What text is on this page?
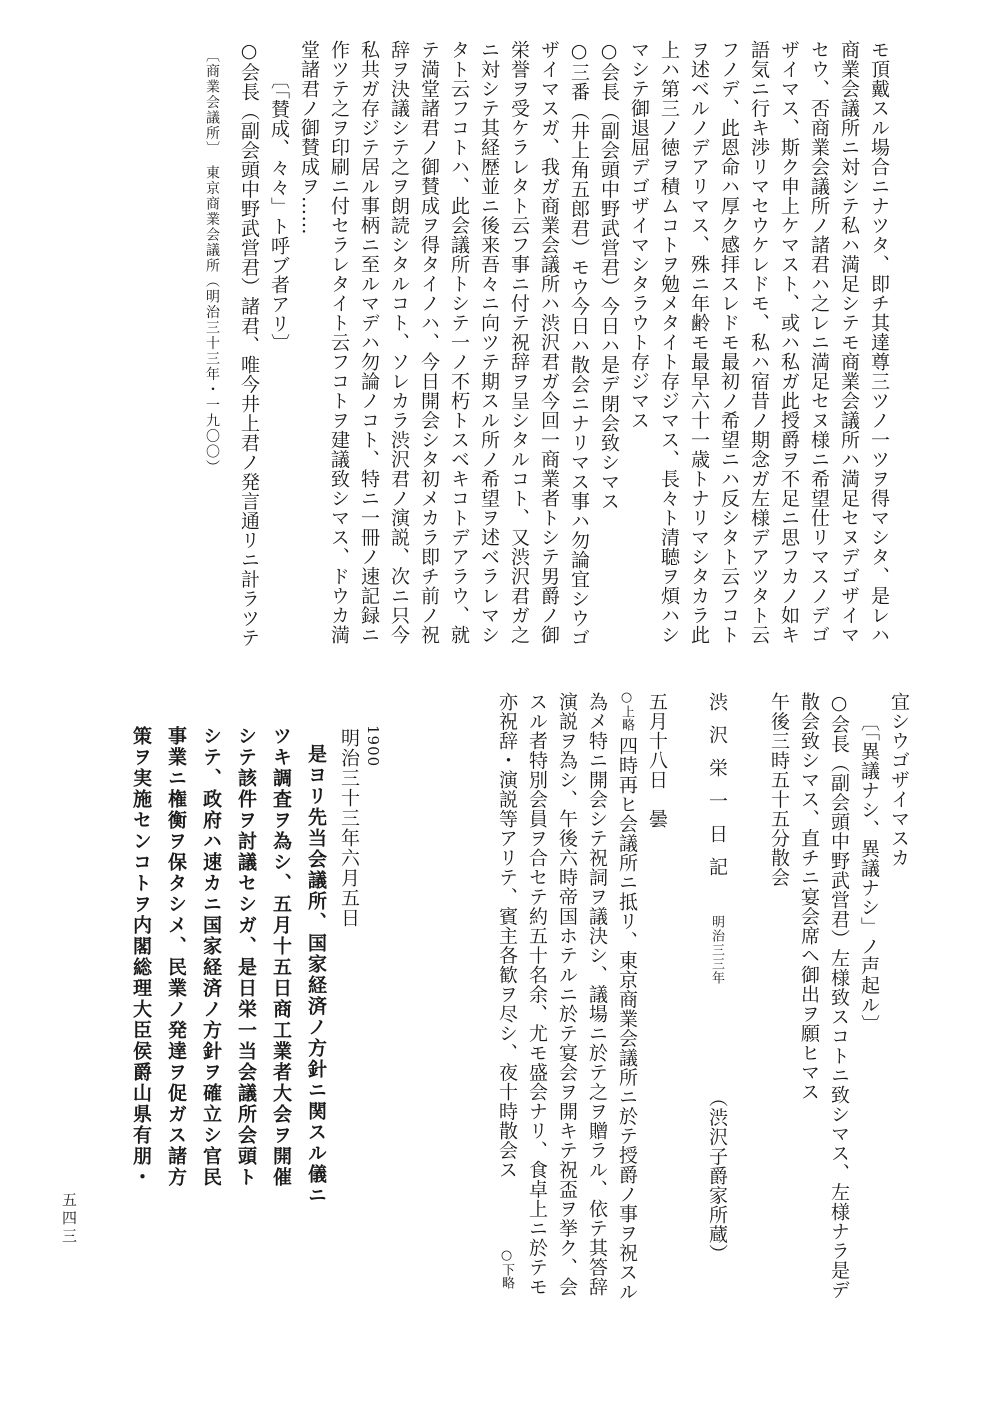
モ頂戴スル場合ニナツタ、即チ其達尊三ツノ一ツヲ得マシタ、是レハ
商業会議所ニ対シテ私ハ満足シテモ商業会議所ハ満足セヌデゴザイマ
セウ、否商業会議所ノ諸君ハ之レニ満足セヌ様ニ希望仕リマスノデゴ
ザイマス、斯ク申上ケマスト、或ハ私ガ此授爵ヲ不足ニ思フカノ如キ
語気ニ行キ渉リマセウケレドモ、私ハ宿昔ノ期念ガ左様デアツタト云
フノデ、此恩命ハ厚ク感拝スレドモ最初ノ希望ニハ反シタト云フコト
ヲ述ベルノデアリマス、殊ニ年齢モ最早六十一歳トナリマシタカラ此
上ハ第三ノ徳ヲ積ムコトヲ勉メタイト存ジマス、長々ト清聴ヲ煩ハシ
マシテ御退屈デゴザイマシタラウト存ジマス
○会長（副会頭中野武営君）今日ハ是デ閉会致シマス
○三番（井上角五郎君）モウ今日ハ散会ニナリマス事ハ勿論宜シウゴ
ザイマスガ、我ガ商業会議所ハ渋沢君ガ今回一商業者トシテ男爵ノ御
栄誉ヲ受ケラレタト云フ事ニ付テ祝辞ヲ呈シタルコト、又渋沢君ガ之
ニ対シテ其経歴並ニ後来吾々ニ向ツテ期スル所ノ希望ヲ述ベラレマシ
タト云フコトハ、此会議所トシテ一ノ不朽トスベキコトデアラウ、就
テ満堂諸君ノ御賛成ヲ得タイノハ、今日開会シタ初メカラ即チ前ノ祝
辞ヲ決議シテ之ヲ朗読シタルコト、ソレカラ渋沢君ノ演説、次ニ只今
私共ガ存ジテ居ル事柄ニ至ルマデハ勿論ノコト、特ニ一冊ノ速記録ニ
作ツテ之ヲ印刷ニ付セラレタイト云フコトヲ建議致シマス、ドウカ満
堂諸君ノ御賛成ヲ……
〔「賛成、々々」ト呼ブ者アリ〕
○会長（副会頭中野武営君）諸君、唯今井上君ノ発言通リニ計ラツテ
〔商業会議所〕　東京商業会議所（明治三十三年・一九〇〇）
宜シウゴザイマスカ
〔「異議ナシ、異議ナシ」ノ声起ル〕
○会長（副会頭中野武営君）左様致スコトニ致シマス、左様ナラ是デ
散会致シマス、直チニ宴会席ヘ御出ヲ願ヒマス
午後三時五十五分散会
渋沢栄一日記
明治三三年
（渋沢子爵家所蔵）
五月十八日　曇
○上略
四時再ヒ会議所ニ抵リ、東京商業会議所ニ於テ授爵ノ事ヲ祝スル
為メ特ニ開会シテ祝詞ヲ議決シ、議場ニ於テ之ヲ贈ラル、依テ其答辞
演説ヲ為シ、午後六時帝国ホテルニ於テ宴会ヲ開キテ祝盃ヲ挙ク、会
スル者特別会員ヲ合セテ約五十名余、尤モ盛会ナリ、食卓上ニ於テモ
亦祝辞・演説等アリテ、賓主各歓ヲ尽シ、夜十時散会ス
○下略
1900
明治三十三年六月五日
是ヨリ先当会議所、国家経済ノ方針ニ関スル儀ニ
ツキ調査ヲ為シ、五月十五日商工業者大会ヲ開催
シテ該件ヲ討議セシガ、是日栄一当会議所会頭ト
シテ、政府ハ速カニ国家経済ノ方針ヲ確立シ官民
事業ニ権衡ヲ保タシメ、民業ノ発達ヲ促ガス諸方
策ヲ実施センコトヲ内閣総理大臣侯爵山県有朋・
五四三
